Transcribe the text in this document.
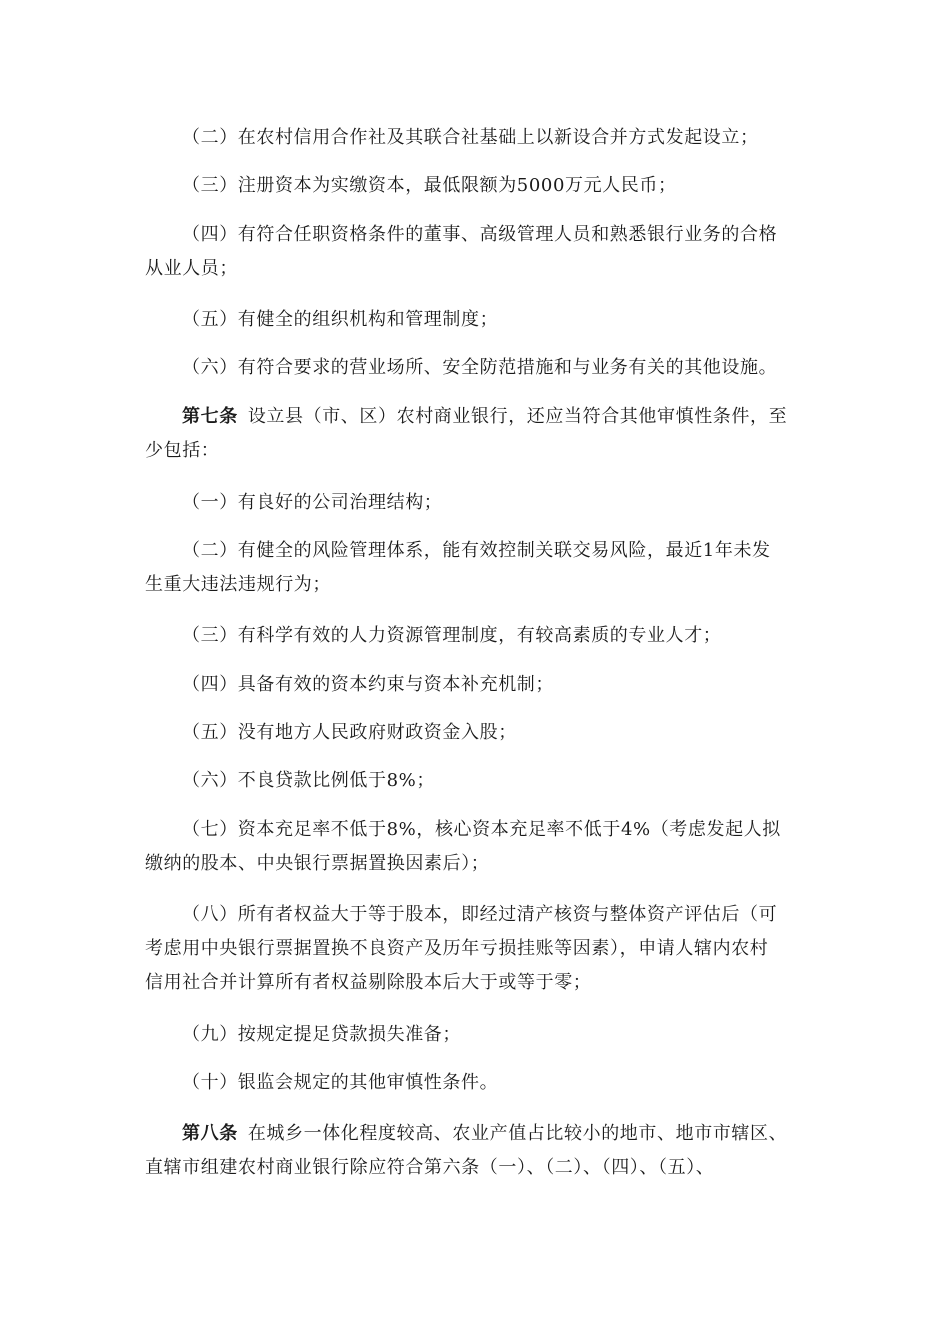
（二）在农村信用合作社及其联合社基础上以新设合并方式发起设立；
（三）注册资本为实缴资本，最低限额为5000万元人民币；
（四）有符合任职资格条件的董事、高级管理人员和熟悉银行业务的合格
从业人员；
（五）有健全的组织机构和管理制度；
（六）有符合要求的营业场所、安全防范措施和与业务有关的其他设施。
第七条 设立县（市、区）农村商业银行，还应当符合其他审慎性条件，至
少包括：
（一）有良好的公司治理结构；
（二）有健全的风险管理体系，能有效控制关联交易风险，最近1年未发
生重大违法违规行为；
（三）有科学有效的人力资源管理制度，有较高素质的专业人才；
（四）具备有效的资本约束与资本补充机制；
（五）没有地方人民政府财政资金入股；
（六）不良贷款比例低于8%；
（七）资本充足率不低于8%，核心资本充足率不低于4%（考虑发起人拟
缴纳的股本、中央银行票据置换因素后）；
（八）所有者权益大于等于股本，即经过清产核资与整体资产评估后（可
考虑用中央银行票据置换不良资产及历年亏损挂账等因素），申请人辖内农村
信用社合并计算所有者权益剔除股本后大于或等于零；
（九）按规定提足贷款损失准备；
（十）银监会规定的其他审慎性条件。
第八条 在城乡一体化程度较高、农业产值占比较小的地市、地市市辖区、
直辖市组建农村商业银行除应符合第六条（一）、（二）、（四）、（五）、
